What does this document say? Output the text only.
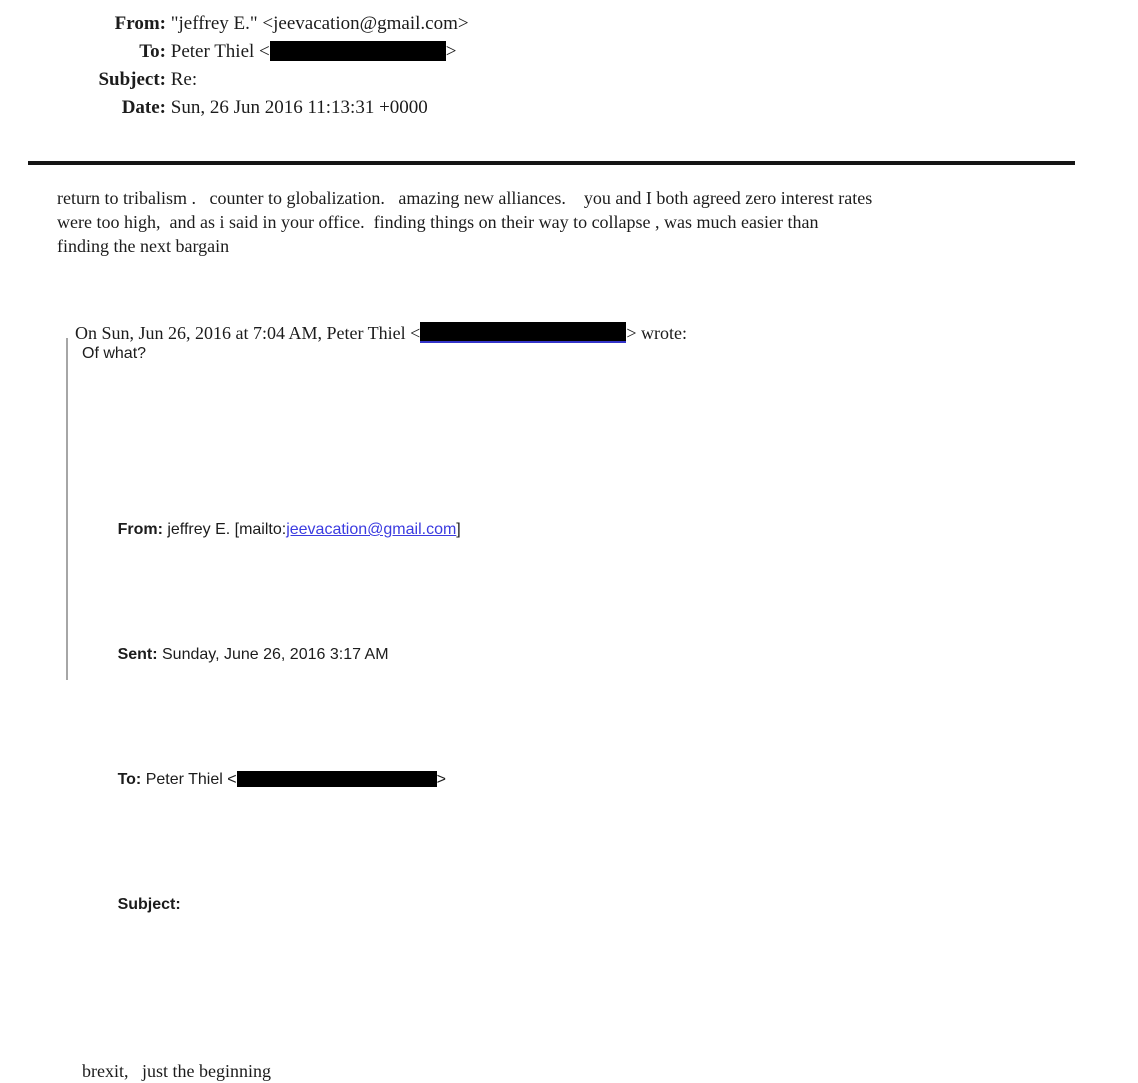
From: "jeffrey E." <jeevacation@gmail.com>
To: Peter Thiel <	>
Subject: Re:
Date: Sun, 26 Jun 2016 11:13:31 +0000
return to tribalism .   counter to globalization.   amazing new alliances.    you and I both agreed zero interest rates
were too high,  and as i said in your office.  finding things on their way to collapse , was much easier than
finding the next bargain

On Sun, Jun 26, 2016 at 7:04 AM, Peter Thiel <	> wrote:

Of what?

From: jeffrey E. [mailto:jeevacation@gmail.com]

Sent: Sunday, June 26, 2016 3:17 AM

To: Peter Thiel <	>

Subject:

brexit,   just the beginning
